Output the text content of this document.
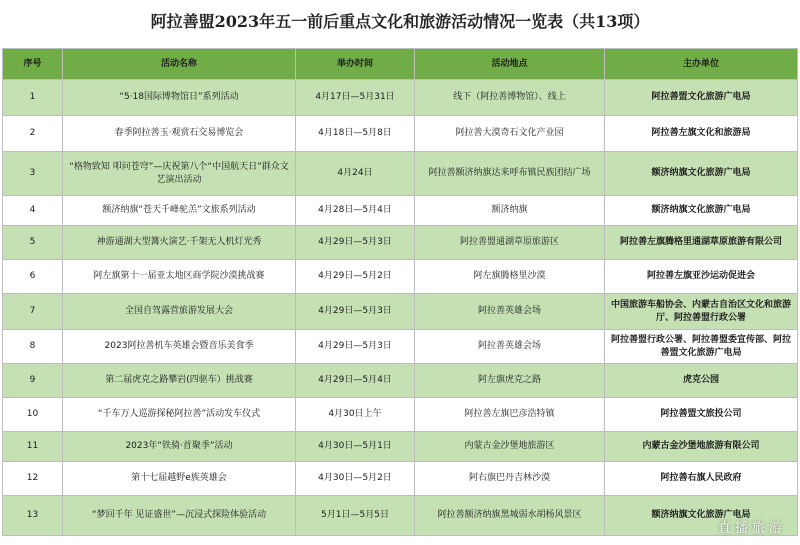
阿拉善盟2023年五一前后重点文化和旅游活动情况一览表（共13项）
序号	活动名称	举办时间	活动地点	主办单位
1	“5·18国际博物馆日”系列活动	4月17日—5月31日	线下（阿拉善博物馆）、线上	阿拉善盟文化旅游广电局
2	春季阿拉善玉·观赏石交易博览会	4月18日—5月8日	阿拉善大漠奇石文化产业园	阿拉善左旗文化和旅游局
3	“格物致知 叩问苍穹”—庆祝第八个“中国航天日”群众文艺演出活动	4月24日	阿拉善额济纳旗达来呼布镇民族团结广场	额济纳旗文化旅游广电局
4	额济纳旗“苍天千峰驼羔”文旅系列活动	4月28日—5月4日	额济纳旗	额济纳旗文化旅游广电局
5	神游通湖大型篝火演艺·千架无人机灯光秀	4月29日—5月3日	阿拉善盟通湖草原旅游区	阿拉善左旗腾格里通湖草原旅游有限公司
6	阿左旗第十一届亚太地区商学院沙漠挑战赛	4月29日—5月2日	阿左旗腾格里沙漠	阿拉善左旗亚沙运动促进会
7	全国自驾露营旅游发展大会	4月29日—5月3日	阿拉善英雄会场	中国旅游车船协会、内蒙古自治区文化和旅游厅、阿拉善盟行政公署
8	2023阿拉善机车英雄会暨音乐美食季	4月29日—5月3日	阿拉善英雄会场	阿拉善盟行政公署、阿拉善盟委宣传部、阿拉善盟文化旅游广电局
9	第二届虎克之路攀岩(四驱车）挑战赛	4月29日—5月4日	阿左旗虎克之路	虎克公园
10	“千车万人巡游探秘阿拉善”活动发车仪式	4月30日上午	阿拉善左旗巴彦浩特镇	阿拉善盟文旅投公司
11	2023年“铁骑·首聚季”活动	4月30日—5月1日	内蒙古金沙堡地旅游区	内蒙古金沙堡地旅游有限公司
12	第十七届越野e族英雄会	4月30日—5月2日	阿右旗巴丹吉林沙漠	阿拉善右旗人民政府
13	“梦回千年 见证盛世”—沉浸式探险体验活动	5月1日—5月5日	阿拉善额济纳旗黑城弱水胡杨风景区	额济纳旗文化旅游广电局
直播旅游
